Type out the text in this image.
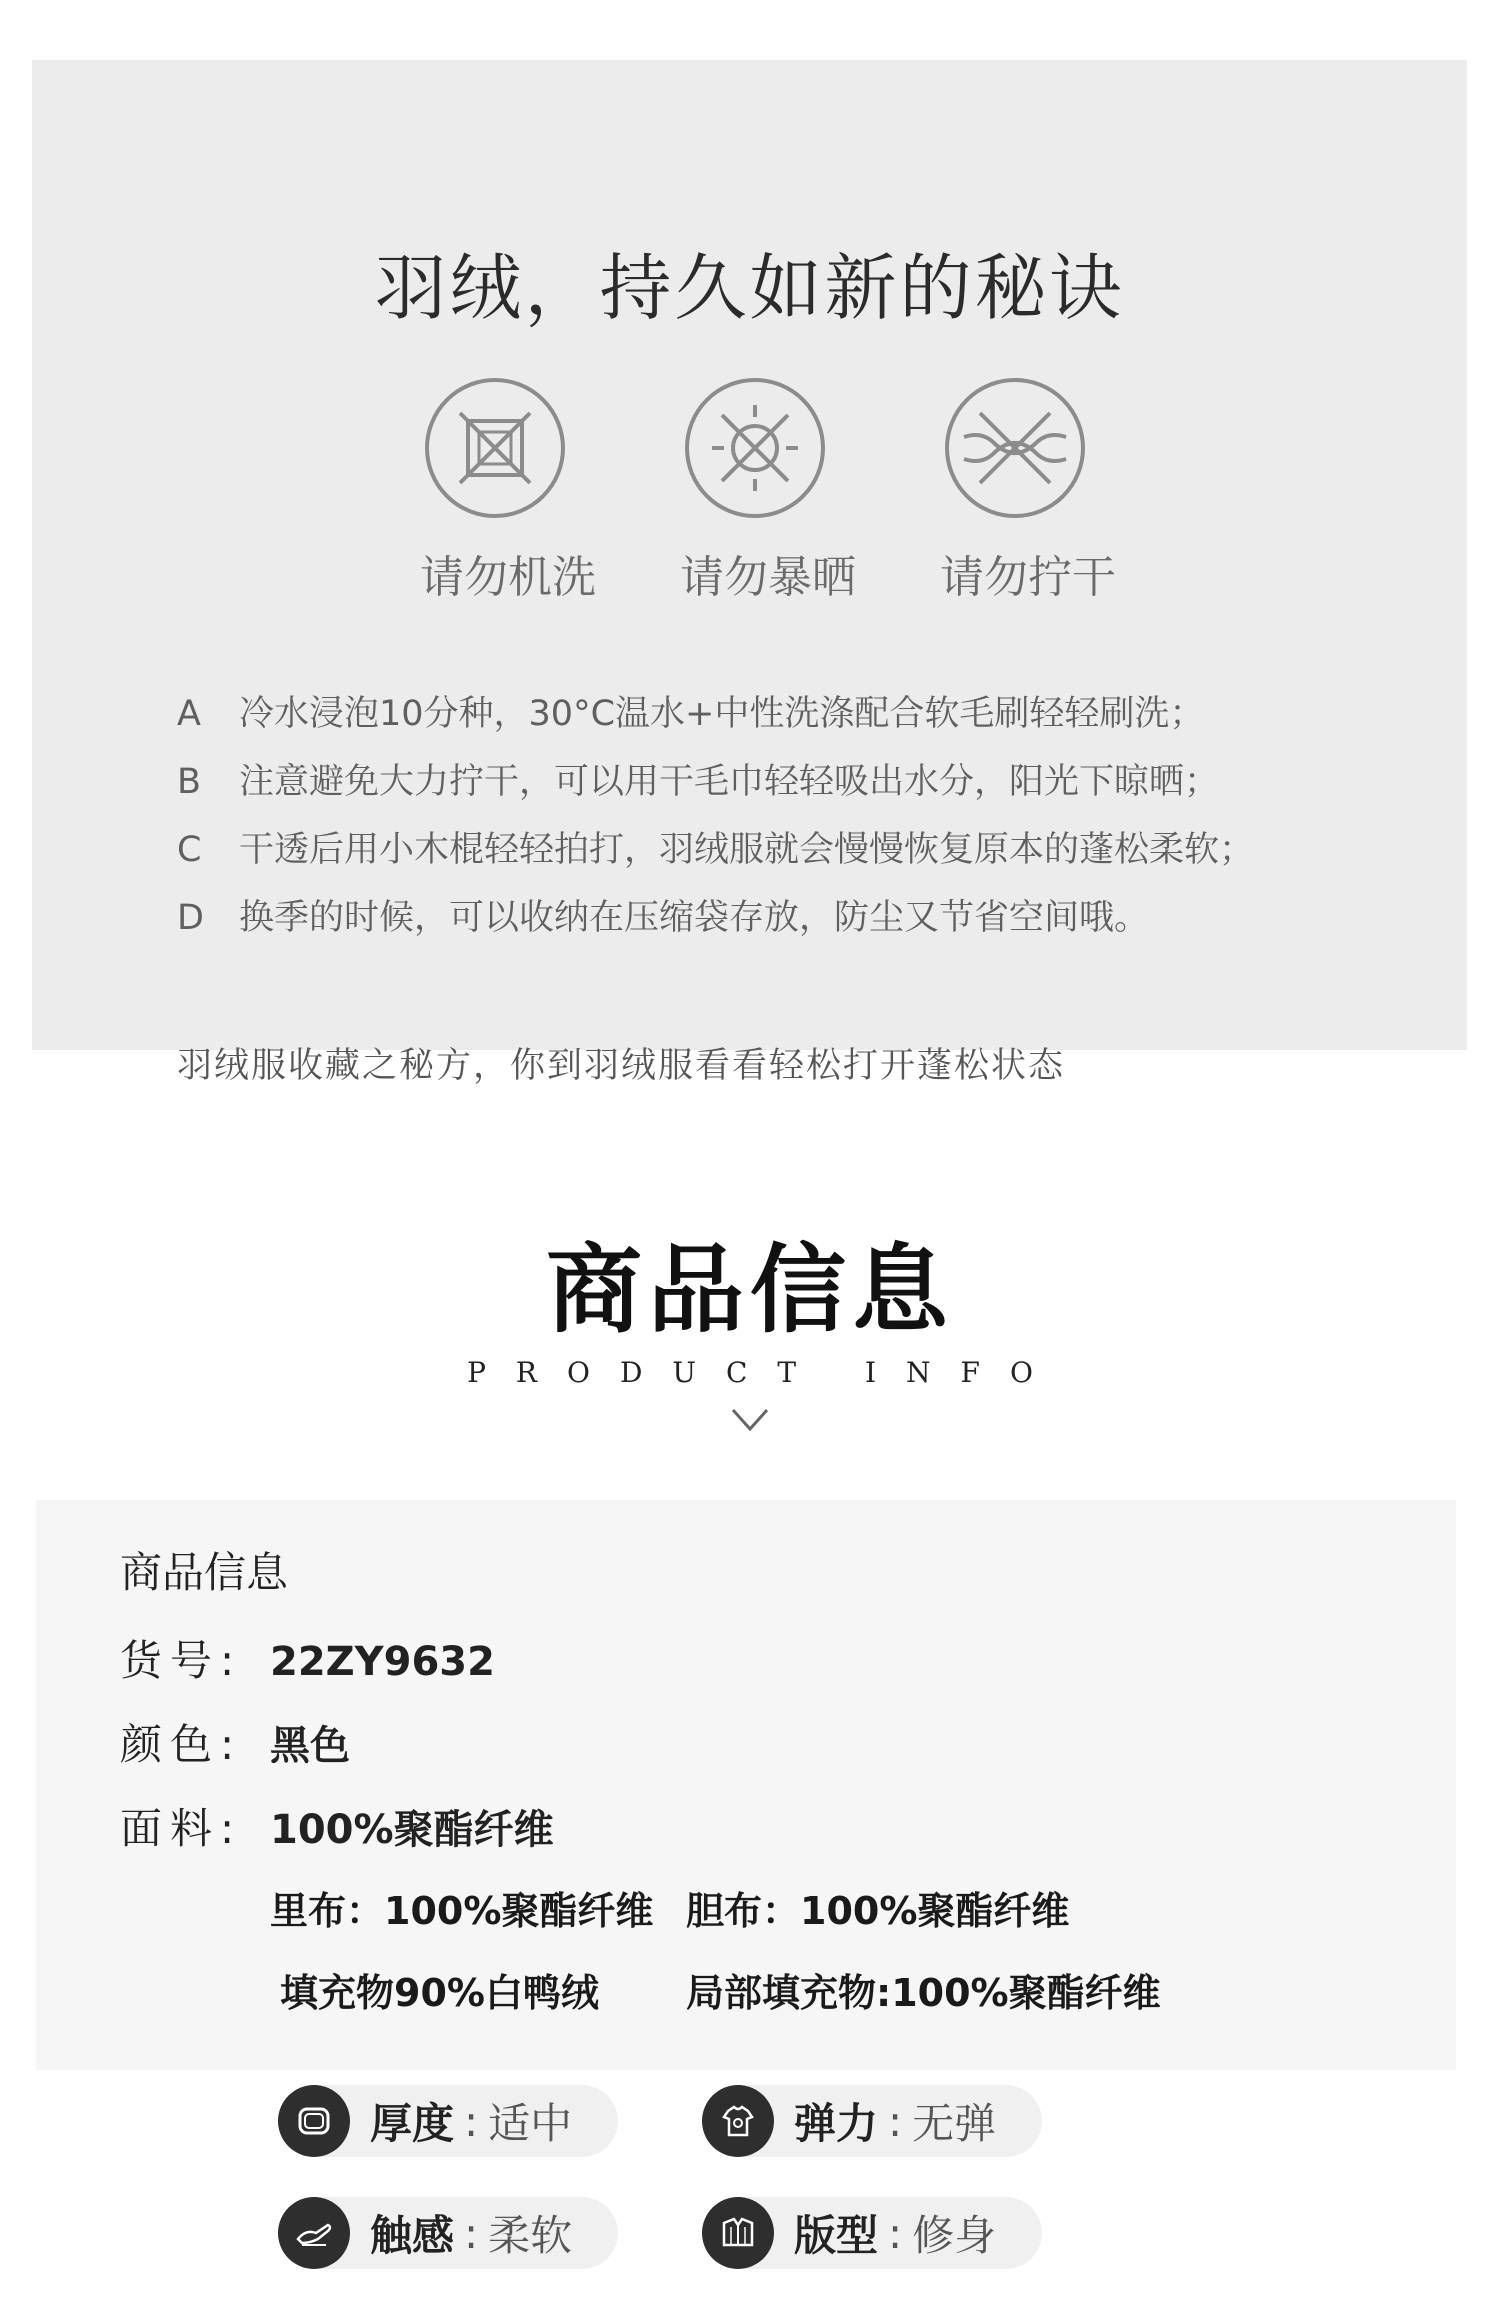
羽绒，持久如新的秘诀
请勿机洗 请勿暴晒 请勿拧干
A 冷水浸泡10分种，30°C温水+中性洗涤配合软毛刷轻轻刷洗；
B 注意避免大力拧干，可以用干毛巾轻轻吸出水分，阳光下晾晒；
C 干透后用小木棍轻轻拍打，羽绒服就会慢慢恢复原本的蓬松柔软；
D 换季的时候，可以收纳在压缩袋存放，防尘又节省空间哦。
羽绒服收藏之秘方，你到羽绒服看看轻松打开蓬松状态
商品信息
PRODUCT INFO
商品信息
货号: 22ZY9632
颜色: 黑色
面料: 100%聚酯纤维
里布：100%聚酯纤维 胆布：100%聚酯纤维
填充物90%白鸭绒 局部填充物:100%聚酯纤维
厚度 : 适中	弹力 : 无弹
触感 : 柔软	版型 : 修身
